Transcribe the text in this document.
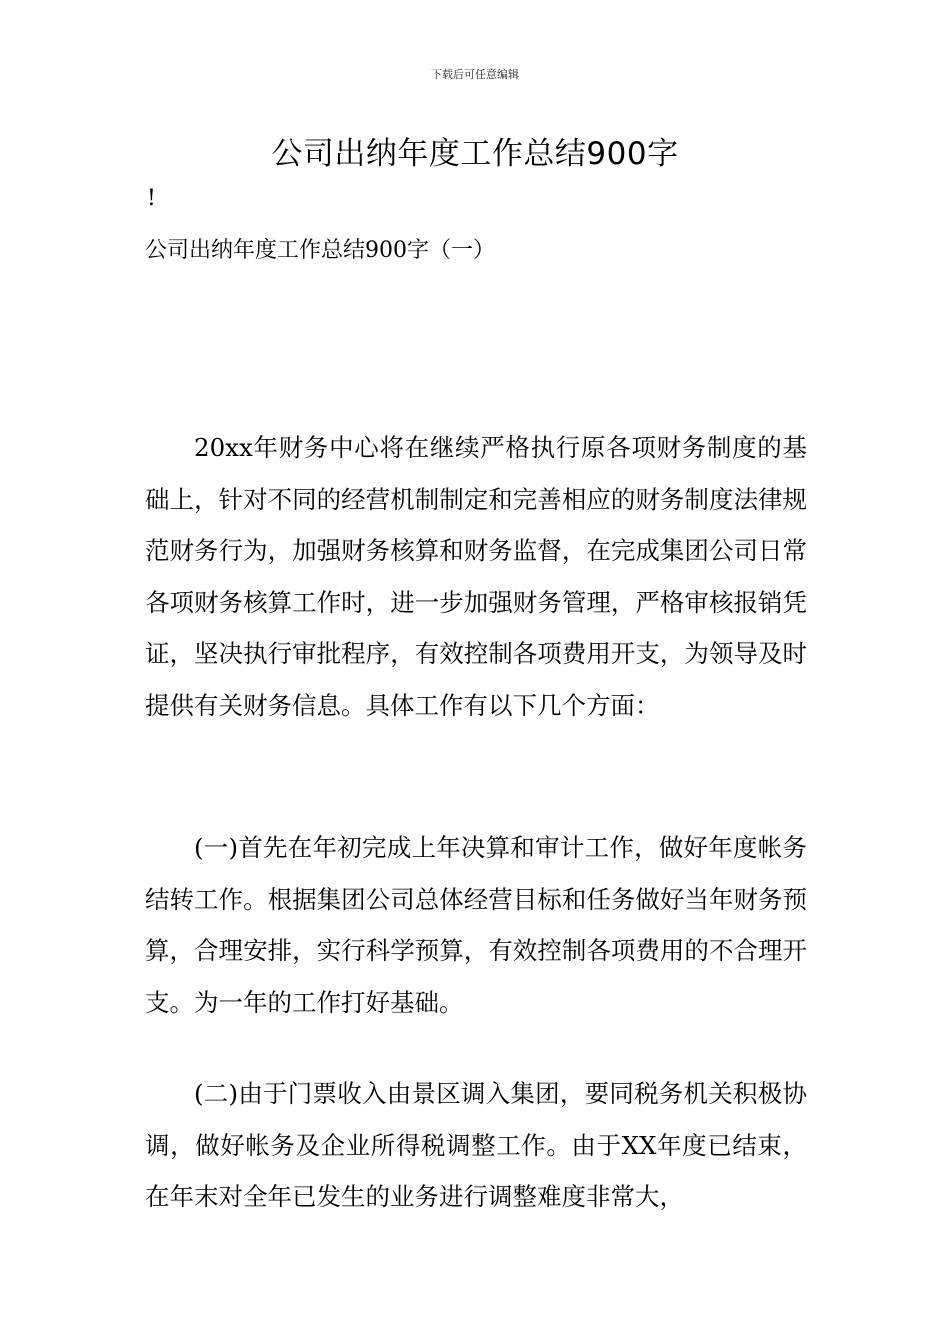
下载后可任意编辑
公司出纳年度工作总结900字
!
公司出纳年度工作总结900字（一）

20xx年财务中心将在继续严格执行原各项财务制度的基础上，针对不同的经营机制制定和完善相应的财务制度法律规范财务行为，加强财务核算和财务监督，在完成集团公司日常各项财务核算工作时，进一步加强财务管理，严格审核报销凭证，坚决执行审批程序，有效控制各项费用开支，为领导及时提供有关财务信息。具体工作有以下几个方面：

(一)首先在年初完成上年决算和审计工作，做好年度帐务结转工作。根据集团公司总体经营目标和任务做好当年财务预算，合理安排，实行科学预算，有效控制各项费用的不合理开支。为一年的工作打好基础。

(二)由于门票收入由景区调入集团，要同税务机关积极协调，做好帐务及企业所得税调整工作。由于XX年度已结束，在年末对全年已发生的业务进行调整难度非常大，
